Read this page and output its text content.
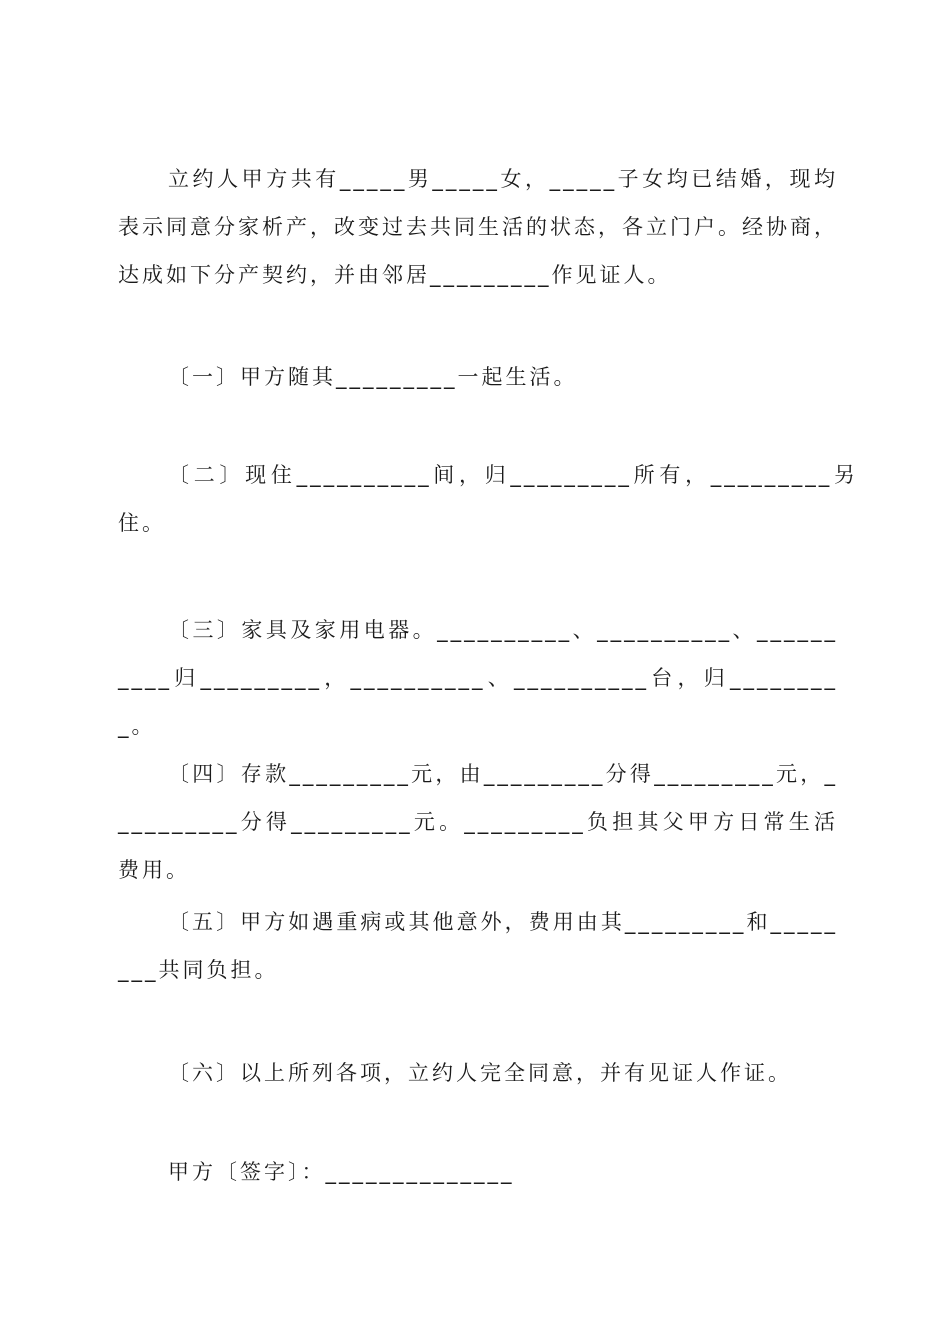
立约人甲方共有_____男_____女，_____子女均已结婚，现均表示同意分家析产，改变过去共同生活的状态，各立门户。经协商，达成如下分产契约，并由邻居_________作见证人。

〔一〕甲方随其_________一起生活。

〔二〕现住__________间，归_________所有，_________另住。

〔三〕家具及家用电器。__________、__________、__________归_________，__________、__________台，归_________。

〔四〕存款_________元，由_________分得_________元，__________分得_________元。_________负担其父甲方日常生活费用。

〔五〕甲方如遇重病或其他意外，费用由其_________和________共同负担。

〔六〕以上所列各项，立约人完全同意，并有见证人作证。

甲方〔签字〕：______________
